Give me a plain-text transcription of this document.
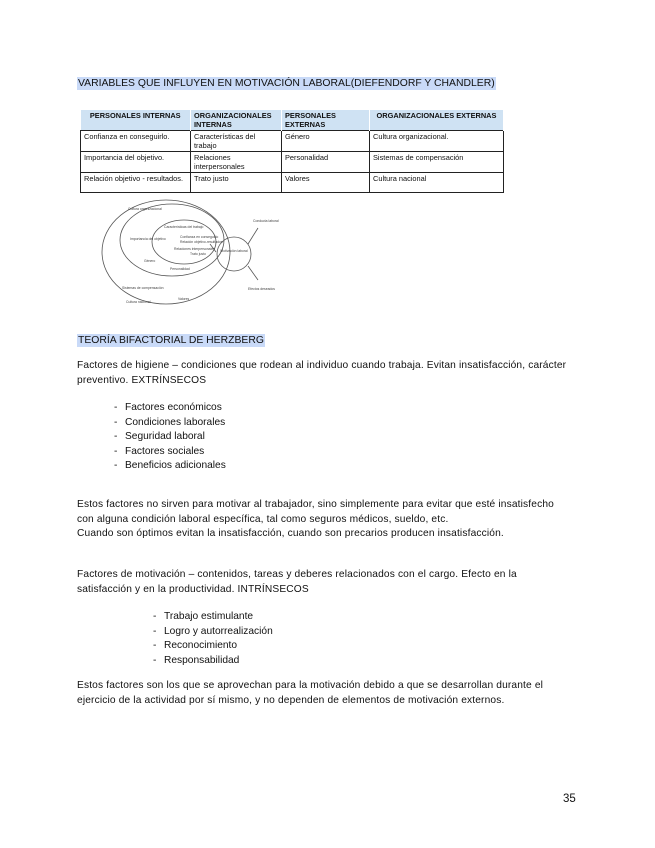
VARIABLES QUE INFLUYEN EN MOTIVACIÓN LABORAL(DIEFENDORF Y CHANDLER)
PERSONALES INTERNAS	ORGANIZACIONALES INTERNAS	PERSONALES EXTERNAS	ORGANIZACIONALES EXTERNAS
Confianza en conseguirlo.	Características del trabajo	Género	Cultura organizacional.
Importancia del objetivo.	Relaciones interpersonales	Personalidad	Sistemas de compensación
Relación objetivo - resultados.	Trato justo	Valores	Cultura nacional
Motivación laboral
Cultura nacional
Cultura organizacional
Características del trabajo
Importancia del objetivo	Confianza en conseguirlo
Relación objetivo-resultados
Conducta laboral
Relaciones interpersonales
Trato justo
Género
Valores
Personalidad
Sistemas de compensación	Efectos deseados
TEORÍA BIFACTORIAL DE HERZBERG
Factores de higiene – condiciones que rodean al individuo cuando trabaja. Evitan insatisfacción, carácter
preventivo. EXTRÍNSECOS
- Factores económicos
- Condiciones laborales
- Seguridad laboral
- Factores sociales
- Beneficios adicionales
Estos factores no sirven para motivar al trabajador, sino simplemente para evitar que esté insatisfecho
con alguna condición laboral específica, tal como seguros médicos, sueldo, etc.
Cuando son óptimos evitan la insatisfacción, cuando son precarios producen insatisfacción.
Factores de motivación – contenidos, tareas y deberes relacionados con el cargo. Efecto en la
satisfacción y en la productividad. INTRÍNSECOS
- Trabajo estimulante
- Logro y autorrealización
- Reconocimiento
- Responsabilidad
Estos factores son los que se aprovechan para la motivación debido a que se desarrollan durante el
ejercicio de la actividad por sí mismo, y no dependen de elementos de motivación externos.
35
